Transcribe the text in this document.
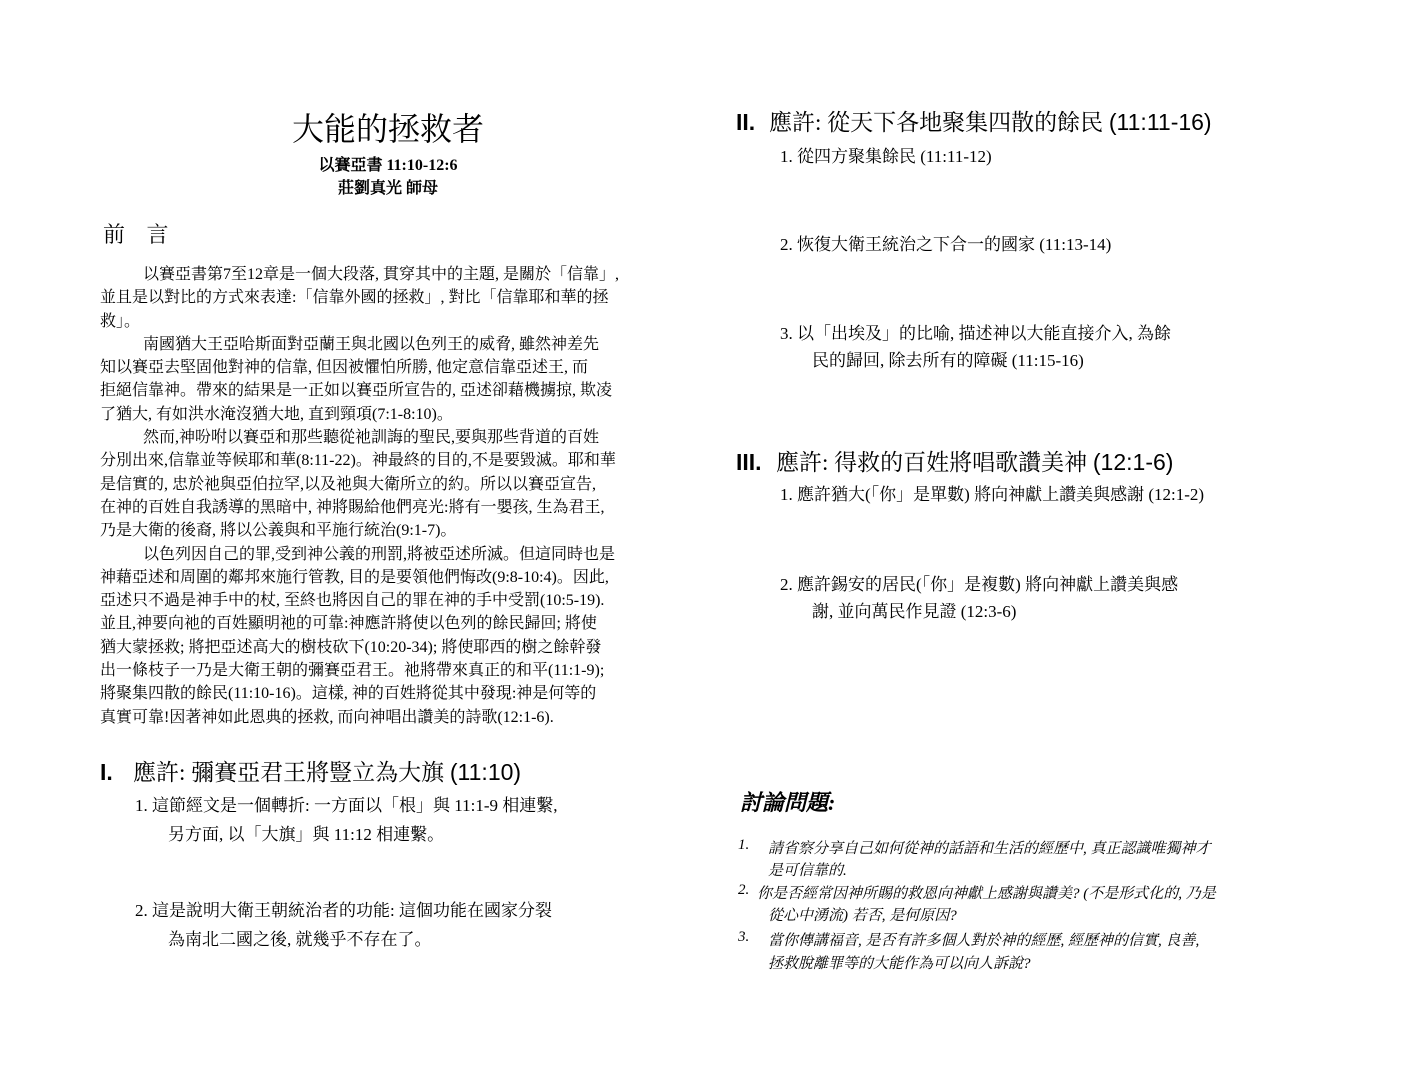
大能的拯救者
以賽亞書 11:10-12:6
莊劉真光 師母
前 言
以賽亞書第7至12章是一個大段落, 貫穿其中的主題, 是關於「信靠」,
並且是以對比的方式來表達:「信靠外國的拯救」, 對比「信靠耶和華的拯
救」。
南國猶大王亞哈斯面對亞蘭王與北國以色列王的威脅, 雖然神差先
知以賽亞去堅固他對神的信靠, 但因被懼怕所勝, 他定意信靠亞述王, 而
拒絕信靠神。帶來的結果是一正如以賽亞所宣告的, 亞述卻藉機擄掠, 欺凌
了猶大, 有如洪水淹沒猶大地, 直到頸項(7:1-8:10)。
然而,神吩咐以賽亞和那些聽從祂訓誨的聖民,要與那些背道的百姓
分別出來,信靠並等候耶和華(8:11-22)。神最終的目的,不是要毀滅。耶和華
是信實的, 忠於祂與亞伯拉罕,以及祂與大衛所立的約。所以以賽亞宣告,
在神的百姓自我誘導的黑暗中, 神將賜給他們亮光:將有一嬰孩, 生為君王,
乃是大衛的後裔, 將以公義與和平施行統治(9:1-7)。
以色列因自己的罪,受到神公義的刑罰,將被亞述所滅。但這同時也是
神藉亞述和周圍的鄰邦來施行管教, 目的是要領他們悔改(9:8-10:4)。因此,
亞述只不過是神手中的杖, 至終也將因自己的罪在神的手中受罰(10:5-19).
並且,神要向祂的百姓顯明祂的可靠:神應許將使以色列的餘民歸回; 將使
猶大蒙拯救; 將把亞述高大的樹枝砍下(10:20-34); 將使耶西的樹之餘幹發
出一條枝子一乃是大衛王朝的彌賽亞君王。祂將帶來真正的和平(11:1-9);
將聚集四散的餘民(11:10-16)。這樣, 神的百姓將從其中發現:神是何等的
真實可靠!因著神如此恩典的拯救, 而向神唱出讚美的詩歌(12:1-6).
I. 應許: 彌賽亞君王將豎立為大旗 (11:10)
1. 這節經文是一個轉折: 一方面以「根」與 11:1-9 相連繫,
另方面, 以「大旗」與 11:12 相連繫。
2. 這是說明大衛王朝統治者的功能: 這個功能在國家分裂
為南北二國之後, 就幾乎不存在了。
II. 應許: 從天下各地聚集四散的餘民 (11:11-16)
1. 從四方聚集餘民 (11:11-12)
2. 恢復大衛王統治之下合一的國家 (11:13-14)
3. 以「出埃及」的比喻, 描述神以大能直接介入, 為餘
民的歸回, 除去所有的障礙 (11:15-16)
III. 應許: 得救的百姓將唱歌讚美神 (12:1-6)
1. 應許猶大(「你」是單數) 將向神獻上讚美與感謝 (12:1-2)
2. 應許錫安的居民(「你」是複數) 將向神獻上讚美與感
謝, 並向萬民作見證 (12:3-6)
討論問題:
1. 請省察分享自己如何從神的話語和生活的經歷中, 真正認識唯獨神才
是可信靠的.
2. 你是否經常因神所賜的救恩向神獻上感謝與讚美? (不是形式化的, 乃是
從心中湧流) 若否, 是何原因?
3. 當你傳講福音, 是否有許多個人對於神的經歷, 經歷神的信實, 良善,
拯救脫離罪等的大能作為可以向人訴說?
